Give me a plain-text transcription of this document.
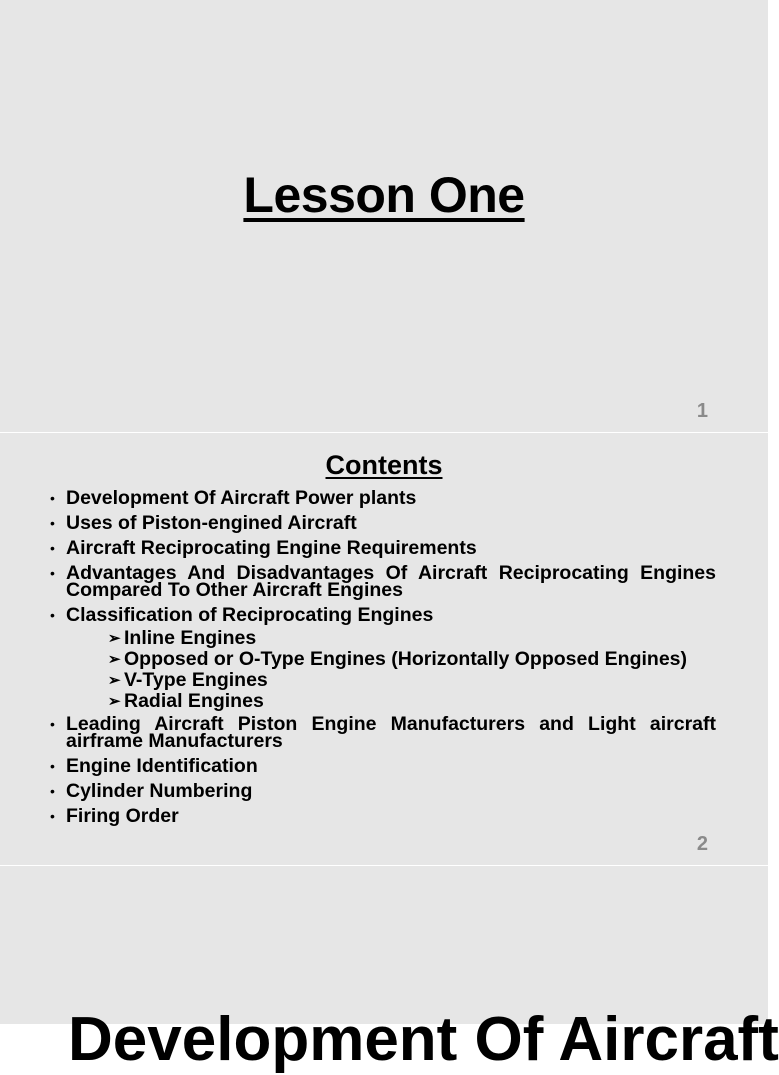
Lesson One
1
Contents
• Development Of Aircraft Power plants
• Uses of Piston-engined Aircraft
• Aircraft Reciprocating Engine Requirements
• Advantages And Disadvantages Of Aircraft Reciprocating Engines Compared To Other Aircraft Engines
• Classification of Reciprocating Engines
➢ Inline Engines
➢ Opposed or O-Type Engines (Horizontally Opposed Engines)
➢ V-Type Engines
➢ Radial Engines
• Leading Aircraft Piston Engine Manufacturers and Light aircraft airframe Manufacturers
• Engine Identification
• Cylinder Numbering
• Firing Order
2
Development Of Aircraft
